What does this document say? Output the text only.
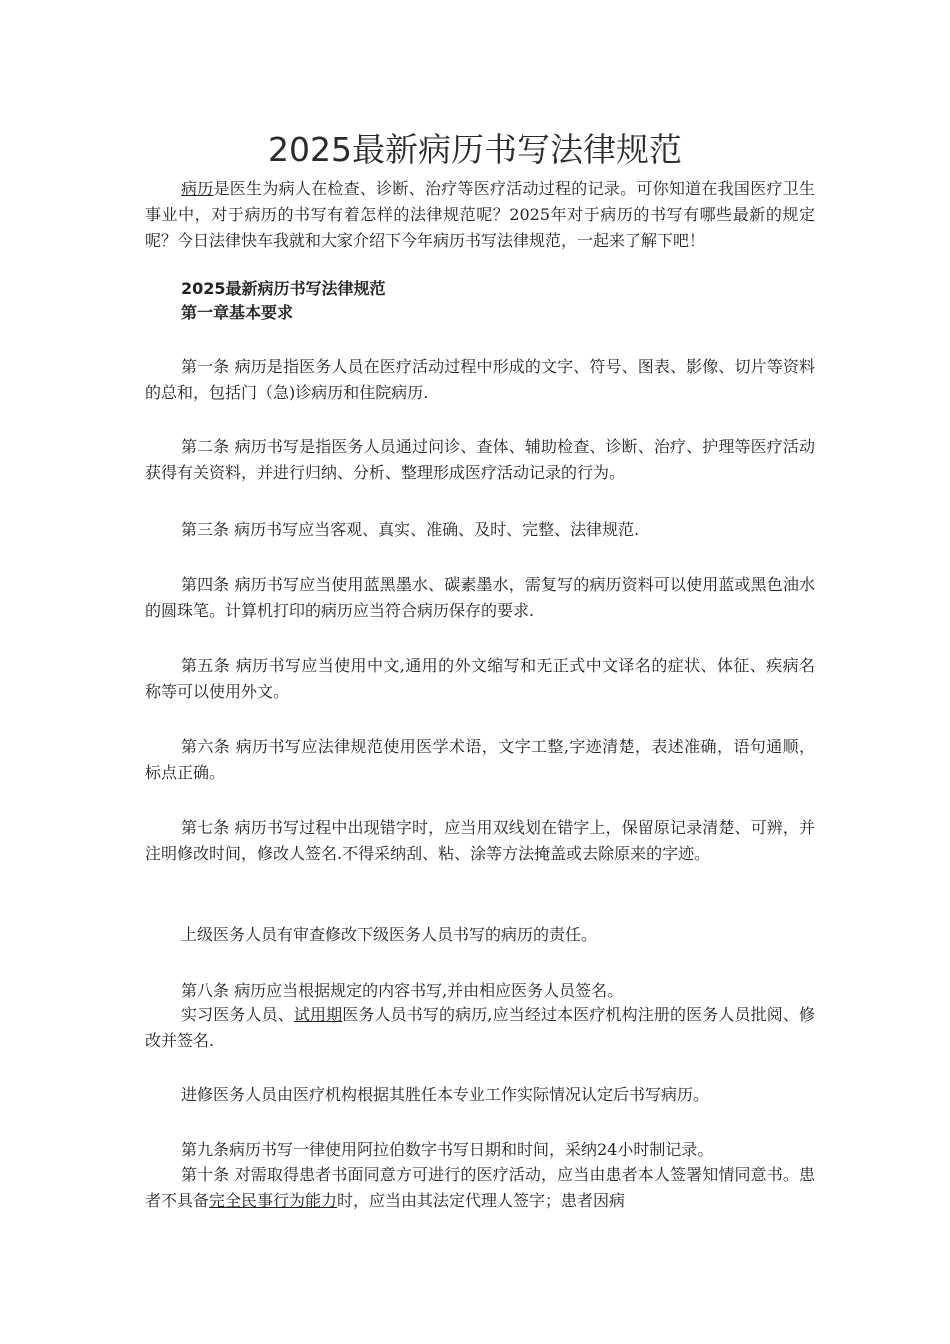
2025最新病历书写法律规范

病历是医生为病人在检查、诊断、治疗等医疗活动过程的记录。可你知道在我国医疗卫生事业中，对于病历的书写有着怎样的法律规范呢？2025年对于病历的书写有哪些最新的规定呢？今日法律快车我就和大家介绍下今年病历书写法律规范，一起来了解下吧！

2025最新病历书写法律规范

第一章基本要求

第一条 病历是指医务人员在医疗活动过程中形成的文字、符号、图表、影像、切片等资料的总和，包括门（急)诊病历和住院病历.

第二条 病历书写是指医务人员通过问诊、查体、辅助检查、诊断、治疗、护理等医疗活动获得有关资料，并进行归纳、分析、整理形成医疗活动记录的行为。

第三条 病历书写应当客观、真实、准确、及时、完整、法律规范.

第四条 病历书写应当使用蓝黑墨水、碳素墨水，需复写的病历资料可以使用蓝或黑色油水的圆珠笔。计算机打印的病历应当符合病历保存的要求.

第五条 病历书写应当使用中文,通用的外文缩写和无正式中文译名的症状、体征、疾病名称等可以使用外文。

第六条 病历书写应法律规范使用医学术语，文字工整,字迹清楚，表述准确，语句通顺，标点正确。

第七条 病历书写过程中出现错字时，应当用双线划在错字上，保留原记录清楚、可辨，并注明修改时间，修改人签名.不得采纳刮、粘、涂等方法掩盖或去除原来的字迹。

上级医务人员有审查修改下级医务人员书写的病历的责任。

第八条 病历应当根据规定的内容书写,并由相应医务人员签名。

实习医务人员、试用期医务人员书写的病历,应当经过本医疗机构注册的医务人员批阅、修改并签名.

进修医务人员由医疗机构根据其胜任本专业工作实际情况认定后书写病历。

第九条病历书写一律使用阿拉伯数字书写日期和时间，采纳24小时制记录。

第十条 对需取得患者书面同意方可进行的医疗活动，应当由患者本人签署知情同意书。患者不具备完全民事行为能力时，应当由其法定代理人签字；患者因病
